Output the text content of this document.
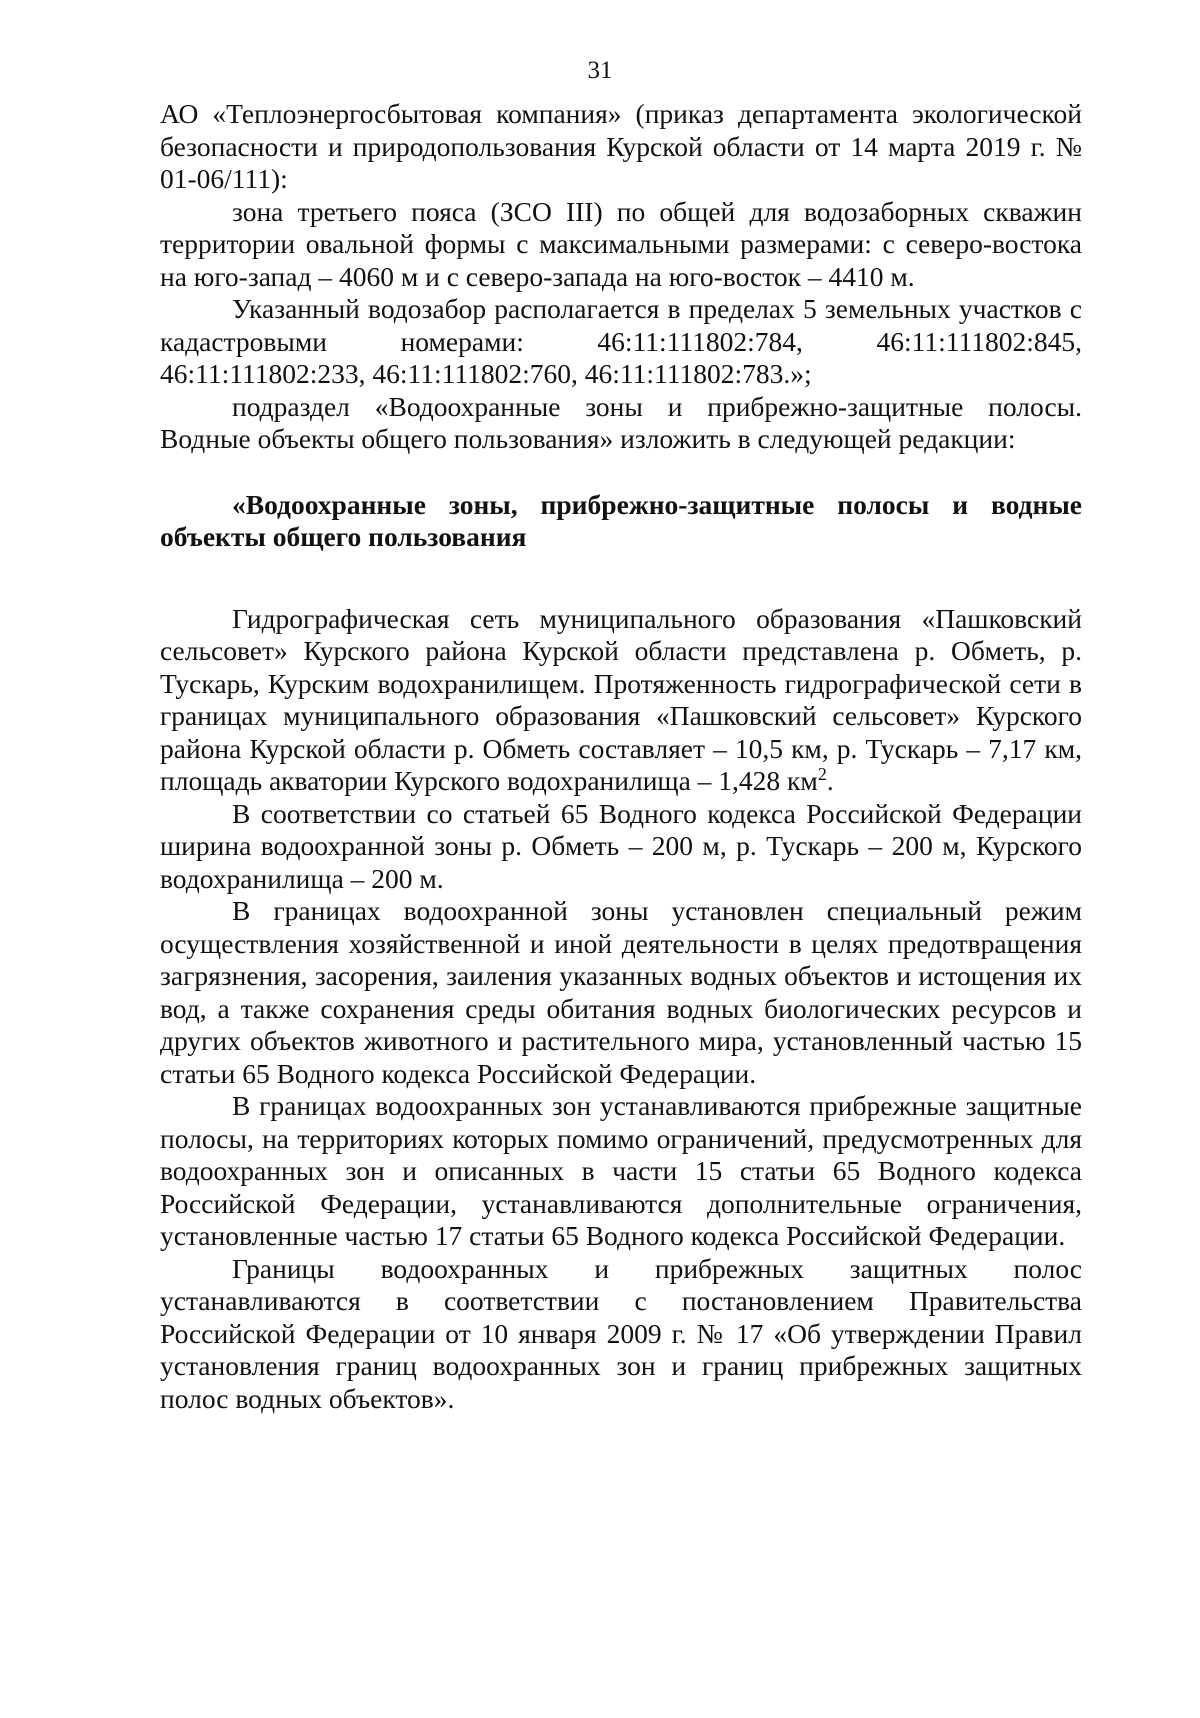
31

АО «Теплоэнергосбытовая компания» (приказ департамента экологической безопасности и природопользования Курской области от 14 марта 2019 г. № 01-06/111):

зона третьего пояса (ЗСО III) по общей для водозаборных скважин территории овальной формы с максимальными размерами: с северо-востока на юго-запад – 4060 м и с северо-запада на юго-восток – 4410 м.

Указанный водозабор располагается в пределах 5 земельных участков с кадастровыми номерами: 46:11:111802:784, 46:11:111802:845, 46:11:111802:233, 46:11:111802:760, 46:11:111802:783.»;

подраздел «Водоохранные зоны и прибрежно-защитные полосы. Водные объекты общего пользования» изложить в следующей редакции:

«Водоохранные зоны, прибрежно-защитные полосы и водные объекты общего пользования

Гидрографическая сеть муниципального образования «Пашковский сельсовет» Курского района Курской области представлена р. Обметь, р. Тускарь, Курским водохранилищем. Протяженность гидрографической сети в границах муниципального образования «Пашковский сельсовет» Курского района Курской области р. Обметь составляет – 10,5 км, р. Тускарь – 7,17 км, площадь акватории Курского водохранилища – 1,428 $км^2$.

В соответствии со статьей 65 Водного кодекса Российской Федерации ширина водоохранной зоны р. Обметь – 200 м, р. Тускарь – 200 м, Курского водохранилища – 200 м.

В границах водоохранной зоны установлен специальный режим осуществления хозяйственной и иной деятельности в целях предотвращения загрязнения, засорения, заиления указанных водных объектов и истощения их вод, а также сохранения среды обитания водных биологических ресурсов и других объектов животного и растительного мира, установленный частью 15 статьи 65 Водного кодекса Российской Федерации.

В границах водоохранных зон устанавливаются прибрежные защитные полосы, на территориях которых помимо ограничений, предусмотренных для водоохранных зон и описанных в части 15 статьи 65 Водного кодекса Российской Федерации, устанавливаются дополнительные ограничения, установленные частью 17 статьи 65 Водного кодекса Российской Федерации.

Границы водоохранных и прибрежных защитных полос устанавливаются в соответствии с постановлением Правительства Российской Федерации от 10 января 2009 г. № 17 «Об утверждении Правил установления границ водоохранных зон и границ прибрежных защитных полос водных объектов».
